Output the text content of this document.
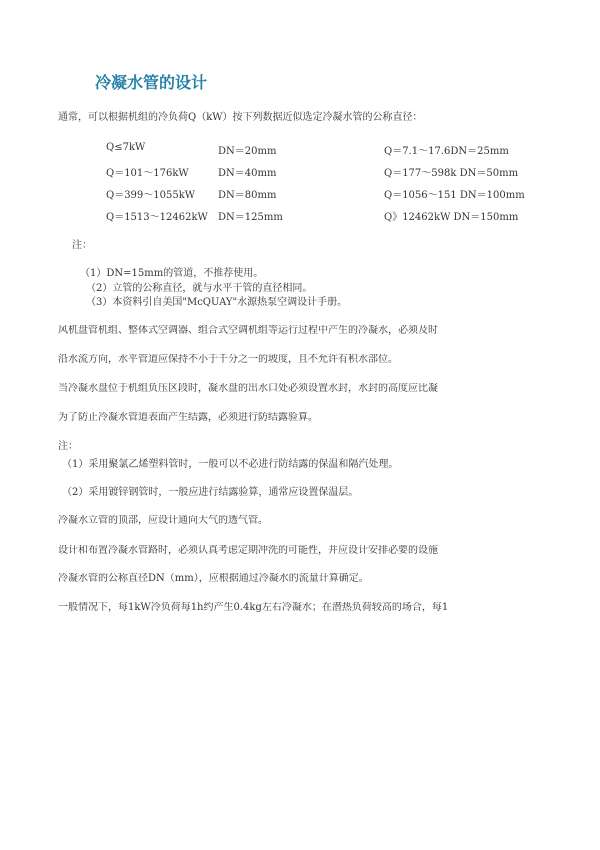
冷凝水管的设计
通常，可以根据机组的冷负荷Q（kW）按下列数据近似选定冷凝水管的公称直径：
Q≤7kW	DN＝20mm	Q＝7.1～17.6DN＝25mm
Q＝101～176kW	DN＝40mm	Q＝177～598k DN＝50mm
Q＝399～1055kW DN＝80mm	Q＝1056～151 DN＝100mm
Q＝1513～12462kW DN＝125mm	Q》12462kW DN＝150mm
注：
（1）DN=15mm的管道，不推荐使用。
（2）立管的公称直径，就与水平干管的直径相同。
（3）本资料引自美国"McQUAY"水源热泵空调设计手册。
风机盘管机组、整体式空调器、组合式空调机组等运行过程中产生的冷凝水，必须及时
沿水流方向，水平管道应保持不小于千分之一的坡度，且不允许有积水部位。
当冷凝水盘位于机组负压区段时，凝水盘的出水口处必须设置水封，水封的高度应比凝
为了防止冷凝水管道表面产生结露，必须进行防结露验算。
注：
（1）采用聚氯乙烯塑料管时，一般可以不必进行防结露的保温和隔汽处理。
（2）采用镀锌钢管时，一般应进行结露验算，通常应设置保温层。
冷凝水立管的顶部，应设计通向大气的透气管。
设计和布置冷凝水管路时，必须认真考虑定期冲洗的可能性，并应设计安排必要的设施
冷凝水管的公称直径DN（mm），应根据通过冷凝水的流量计算确定。
一般情况下，每1kW冷负荷每1h约产生0.4kg左右冷凝水；在潜热负荷较高的场合，每1
